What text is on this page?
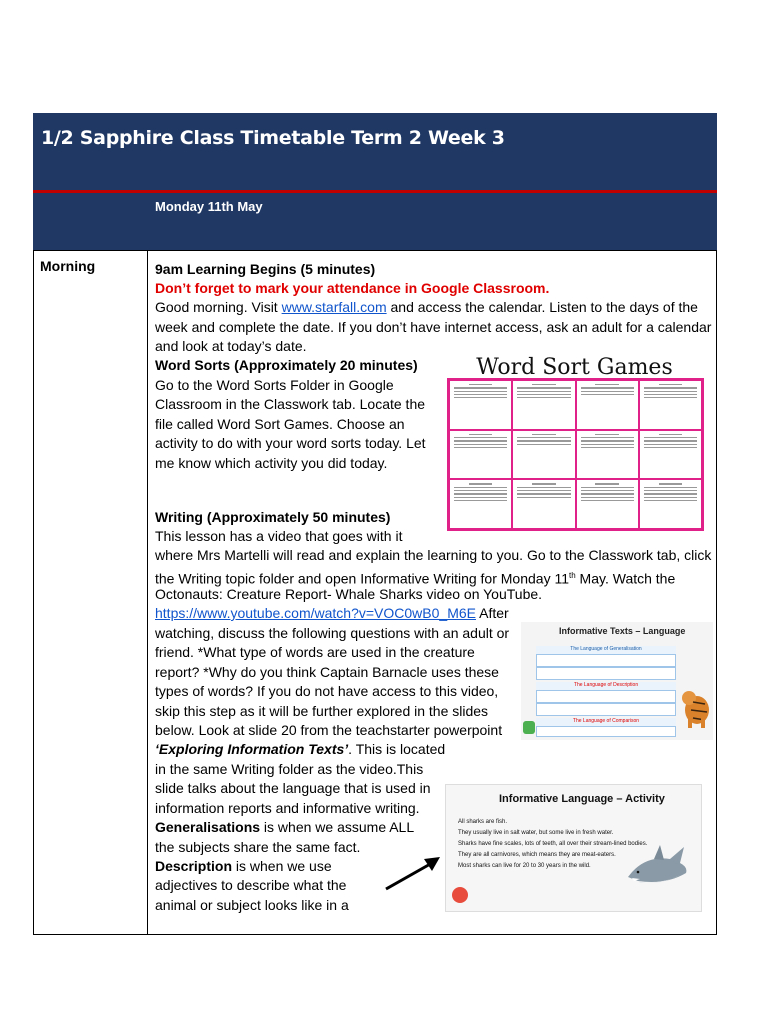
1/2 Sapphire Class Timetable Term 2 Week 3
Monday 11th May
Morning	9am Learning Begins (5 minutes)
Don’t forget to mark your attendance in Google Classroom.
Good morning. Visit www.starfall.com and access the calendar. Listen to the days of the
week and complete the date. If you don’t have internet access, ask an adult for a calendar
and look at today’s date.
Word Sorts (Approximately 20 minutes)
Go to the Word Sorts Folder in Google
Classroom in the Classwork tab. Locate the
file called Word Sort Games. Choose an
activity to do with your word sorts today. Let
me know which activity you did today.
Writing (Approximately 50 minutes)
This lesson has a video that goes with it
where Mrs Martelli will read and explain the learning to you. Go to the Classwork tab, click
the Writing topic folder and open Informative Writing for Monday 11th May. Watch the
Octonauts: Creature Report- Whale Sharks video on YouTube.
https://www.youtube.com/watch?v=VOC0wB0_M6E After
watching, discuss the following questions with an adult or
friend. *What type of words are used in the creature
report? *Why do you think Captain Barnacle uses these
types of words? If you do not have access to this video,
skip this step as it will be further explored in the slides
below. Look at slide 20 from the teachstarter powerpoint
‘Exploring Information Texts’. This is located
in the same Writing folder as the video.This
slide talks about the language that is used in
information reports and informative writing.
Generalisations is when we assume ALL
the subjects share the same fact.
Description is when we use
adjectives to describe what the
animal or subject looks like in a
Word Sort Games
Informative Texts – Language
The Language of Generalisation
The Language of Description
The Language of Comparison
Informative Language – Activity
All sharks are fish.
They usually live in salt water, but some live in fresh water.
Sharks have fine scales, lots of teeth, all over their stream-lined bodies.
They are all carnivores, which means they are meat-eaters.
Most sharks can live for 20 to 30 years in the wild.
